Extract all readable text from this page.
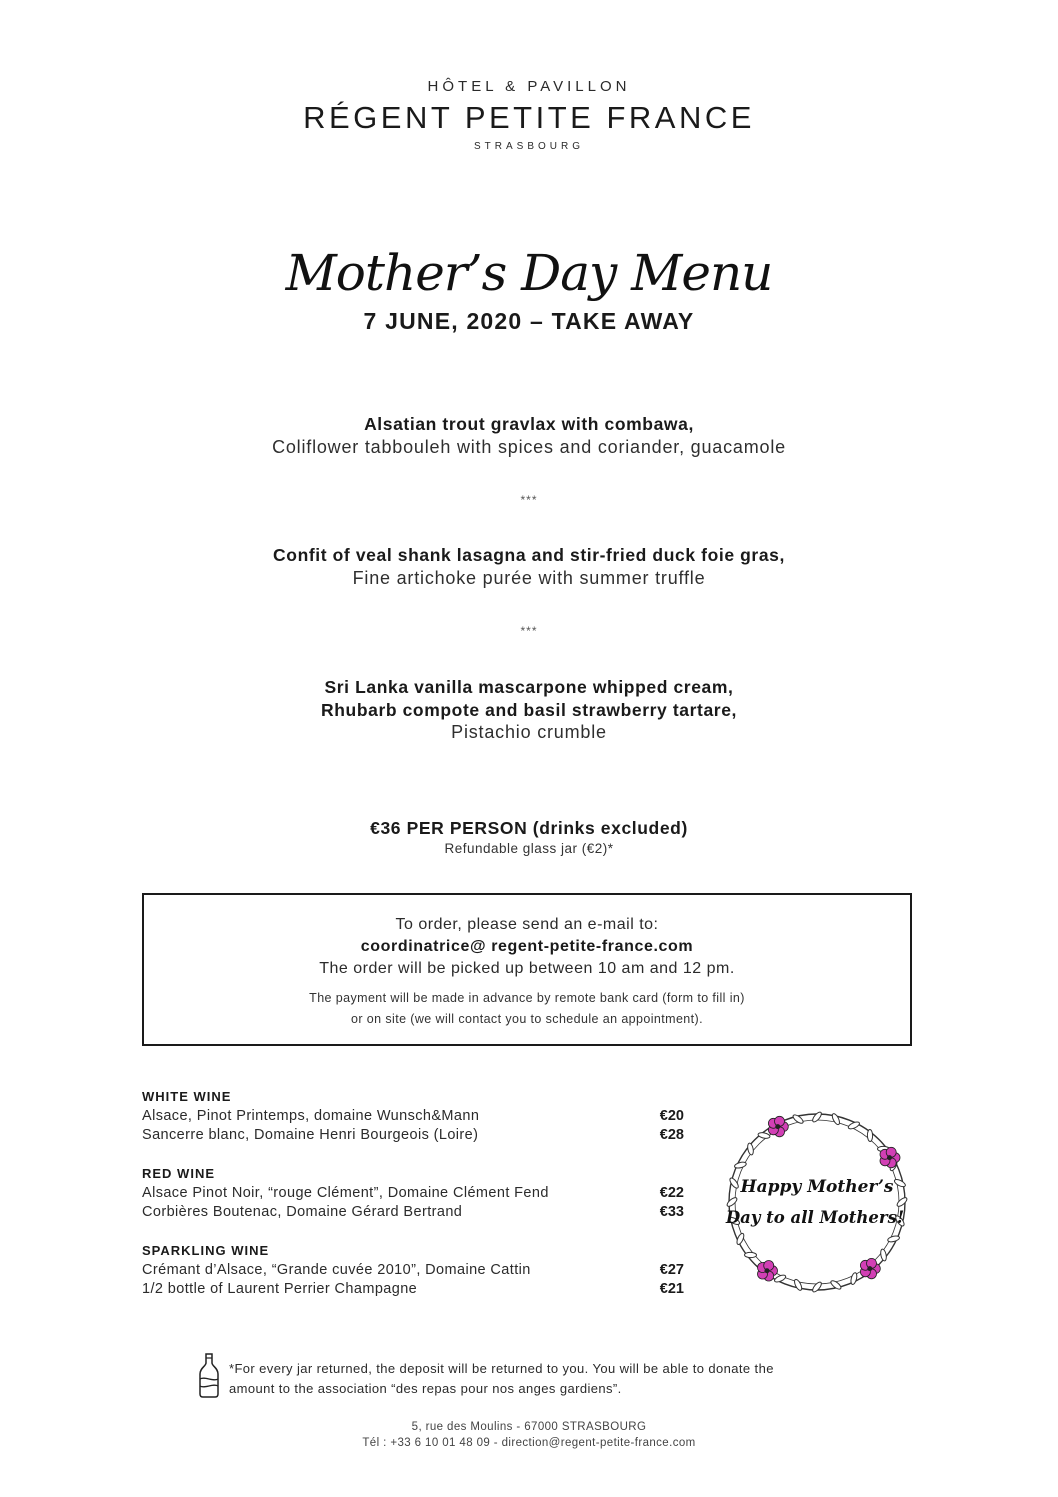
HÔTEL & PAVILLON
RÉGENT PETITE FRANCE
STRASBOURG
Mother’s Day Menu
7 JUNE, 2020 – TAKE AWAY
Alsatian trout gravlax with combawa,
Coliflower tabbouleh with spices and coriander, guacamole
***
Confit of veal shank lasagna and stir-fried duck foie gras,
Fine artichoke purée with summer truffle
***
Sri Lanka vanilla mascarpone whipped cream,
Rhubarb compote and basil strawberry tartare,
Pistachio crumble
€36 PER PERSON (drinks excluded)
Refundable glass jar (€2)*
To order, please send an e-mail to:
coordinatrice@ regent-petite-france.com
The order will be picked up between 10 am and 12 pm.
The payment will be made in advance by remote bank card (form to fill in)
or on site (we will contact you to schedule an appointment).
WHITE WINE
Alsace, Pinot Printemps, domaine Wunsch&Mann	€20
Sancerre blanc, Domaine Henri Bourgeois (Loire)	€28
RED WINE
Alsace Pinot Noir, “rouge Clément”, Domaine Clément Fend	€22
Corbières Boutenac, Domaine Gérard Bertrand	€33
SPARKLING WINE
Crémant d’Alsace, “Grande cuvée 2010”, Domaine Cattin	€27
1/2 bottle of Laurent Perrier Champagne	€21
Happy Mother’s
Day to all Mothers!
*For every jar returned, the deposit will be returned to you. You will be able to donate the
amount to the association “des repas pour nos anges gardiens”.
5, rue des Moulins - 67000 STRASBOURG
Tél : +33 6 10 01 48 09 - direction@regent-petite-france.com
